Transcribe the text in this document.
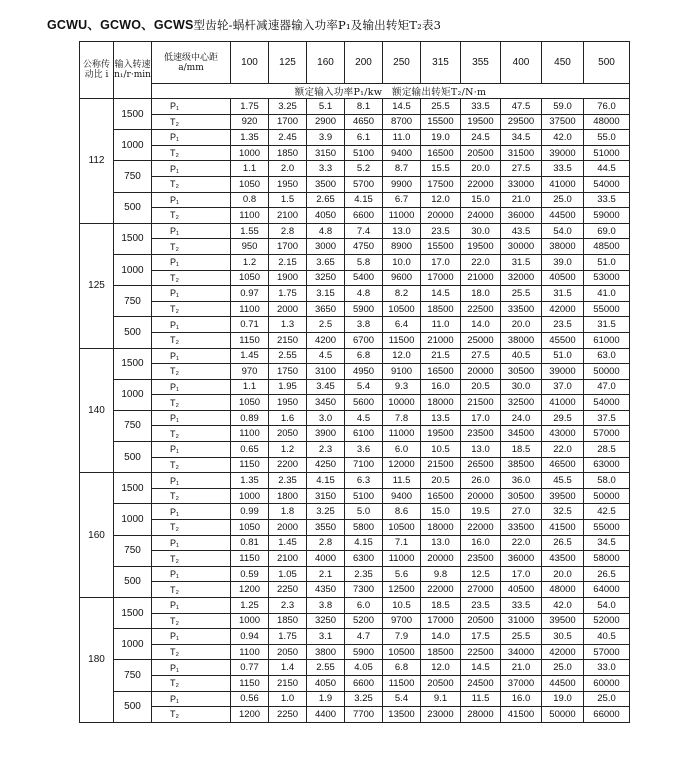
GCWU、GCWO、GCWS型齿轮-蜗杆减速器输入功率P₁及输出转矩T₂表3
公称传动比 i	输入转速 n₁/r·min	低速级中心距 a/mm	100	125	160	200	250	315	355	400	450	500
		额定输入功率P₁/kw　额定输出转矩T₂/N·m										
112	1500	P₁	1.75	3.25	5.1	8.1	14.5	25.5	33.5	47.5	59.0	76.0
		T₂	920	1700	2900	4650	8700	15500	19500	29500	37500	48000
	1000	P₁	1.35	2.45	3.9	6.1	11.0	19.0	24.5	34.5	42.0	55.0
		T₂	1000	1850	3150	5100	9400	16500	20500	31500	39000	51000
	750	P₁	1.1	2.0	3.3	5.2	8.7	15.5	20.0	27.5	33.5	44.5
		T₂	1050	1950	3500	5700	9900	17500	22000	33000	41000	54000
	500	P₁	0.8	1.5	2.65	4.15	6.7	12.0	15.0	21.0	25.0	33.5
		T₂	1100	2100	4050	6600	11000	20000	24000	36000	44500	59000
125	1500	P₁	1.55	2.8	4.8	7.4	13.0	23.5	30.0	43.5	54.0	69.0
		T₂	950	1700	3000	4750	8900	15500	19500	30000	38000	48500
	1000	P₁	1.2	2.15	3.65	5.8	10.0	17.0	22.0	31.5	39.0	51.0
		T₂	1050	1900	3250	5400	9600	17000	21000	32000	40500	53000
	750	P₁	0.97	1.75	3.15	4.8	8.2	14.5	18.0	25.5	31.5	41.0
		T₂	1100	2000	3650	5900	10500	18500	22500	33500	42000	55000
	500	P₁	0.71	1.3	2.5	3.8	6.4	11.0	14.0	20.0	23.5	31.5
		T₂	1150	2150	4200	6700	11500	21000	25000	38000	45500	61000
140	1500	P₁	1.45	2.55	4.5	6.8	12.0	21.5	27.5	40.5	51.0	63.0
		T₂	970	1750	3100	4950	9100	16500	20000	30500	39000	50000
	1000	P₁	1.1	1.95	3.45	5.4	9.3	16.0	20.5	30.0	37.0	47.0
		T₂	1050	1950	3450	5600	10000	18000	21500	32500	41000	54000
	750	P₁	0.89	1.6	3.0	4.5	7.8	13.5	17.0	24.0	29.5	37.5
		T₂	1100	2050	3900	6100	11000	19500	23500	34500	43000	57000
	500	P₁	0.65	1.2	2.3	3.6	6.0	10.5	13.0	18.5	22.0	28.5
		T₂	1150	2200	4250	7100	12000	21500	26500	38500	46500	63000
160	1500	P₁	1.35	2.35	4.15	6.3	11.5	20.5	26.0	36.0	45.5	58.0
		T₂	1000	1800	3150	5100	9400	16500	20000	30500	39500	50000
	1000	P₁	0.99	1.8	3.25	5.0	8.6	15.0	19.5	27.0	32.5	42.5
		T₂	1050	2000	3550	5800	10500	18000	22000	33500	41500	55000
	750	P₁	0.81	1.45	2.8	4.15	7.1	13.0	16.0	22.0	26.5	34.5
		T₂	1150	2100	4000	6300	11000	20000	23500	36000	43500	58000
	500	P₁	0.59	1.05	2.1	2.35	5.6	9.8	12.5	17.0	20.0	26.5
		T₂	1200	2250	4350	7300	12500	22000	27000	40500	48000	64000
180	1500	P₁	1.25	2.3	3.8	6.0	10.5	18.5	23.5	33.5	42.0	54.0
		T₂	1000	1850	3250	5200	9700	17000	20500	31000	39500	52000
	1000	P₁	0.94	1.75	3.1	4.7	7.9	14.0	17.5	25.5	30.5	40.5
		T₂	1100	2050	3800	5900	10500	18500	22500	34000	42000	57000
	750	P₁	0.77	1.4	2.55	4.05	6.8	12.0	14.5	21.0	25.0	33.0
		T₂	1150	2150	4050	6600	11500	20500	24500	37000	44500	60000
	500	P₁	0.56	1.0	1.9	3.25	5.4	9.1	11.5	16.0	19.0	25.0
		T₂	1200	2250	4400	7700	13500	23000	28000	41500	50000	66000
